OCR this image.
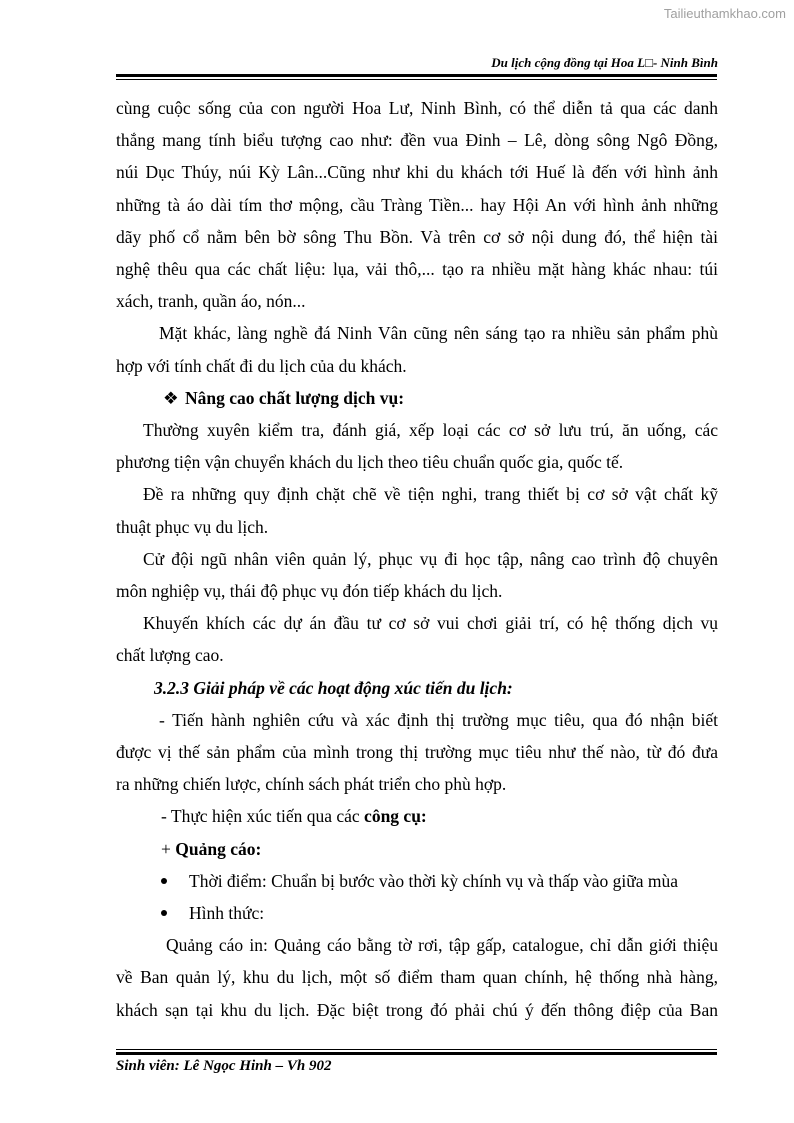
Tailieuthamkhao.com
Du lịch cộng đồng tại Hoa L□- Ninh Bình

cùng cuộc sống của con người Hoa Lư, Ninh Bình, có thể diễn tả qua các danh

thắng mang tính biểu tượng cao như: đền vua Đinh – Lê, dòng sông Ngô Đồng,

núi Dục Thúy, núi Kỳ Lân...Cũng như khi du khách tới Huế là đến với hình ảnh

những tà áo dài tím thơ mộng, cầu Tràng Tiền... hay Hội An với hình ảnh những

dãy phố cổ nằm bên bờ sông Thu Bồn. Và trên cơ sở nội dung đó, thể hiện tài

nghệ thêu qua các chất liệu: lụa, vải thô,... tạo ra nhiều mặt hàng khác nhau: túi

xách, tranh, quần áo, nón...

Mặt khác, làng nghề đá Ninh Vân cũng nên sáng tạo ra nhiều sản phẩm phù

hợp với tính chất đi du lịch của du khách.

❖ Nâng cao chất lượng dịch vụ:

Thường xuyên kiểm tra, đánh giá, xếp loại các cơ sở lưu trú, ăn uống, các

phương tiện vận chuyển khách du lịch theo tiêu chuẩn quốc gia, quốc tế.

Đề ra những quy định chặt chẽ về tiện nghi, trang thiết bị cơ sở vật chất kỹ

thuật phục vụ du lịch.

Cử đội ngũ nhân viên quản lý, phục vụ đi học tập, nâng cao trình độ chuyên

môn nghiệp vụ, thái độ phục vụ đón tiếp khách du lịch.

Khuyến khích các dự án đầu tư cơ sở vui chơi giải trí, có hệ thống dịch vụ

chất lượng cao.

3.2.3 Giải pháp về các hoạt động xúc tiến du lịch:

- Tiến hành nghiên cứu và xác định thị trường mục tiêu, qua đó nhận biết

được vị thế sản phẩm của mình trong thị trường mục tiêu như thế nào, từ đó đưa

ra những chiến lược, chính sách phát triển cho phù hợp.

- Thực hiện xúc tiến qua các công cụ:

+ Quảng cáo:

Thời điểm: Chuẩn bị bước vào thời kỳ chính vụ và thấp vào giữa mùa

Hình thức:

Quảng cáo in: Quảng cáo bằng tờ rơi, tập gấp, catalogue, chỉ dẫn giới thiệu

về Ban quản lý, khu du lịch, một số điểm tham quan chính, hệ thống nhà hàng,

khách sạn tại khu du lịch. Đặc biệt trong đó phải chú ý đến thông điệp của Ban

Sinh viên: Lê Ngọc Hinh – Vh 902
